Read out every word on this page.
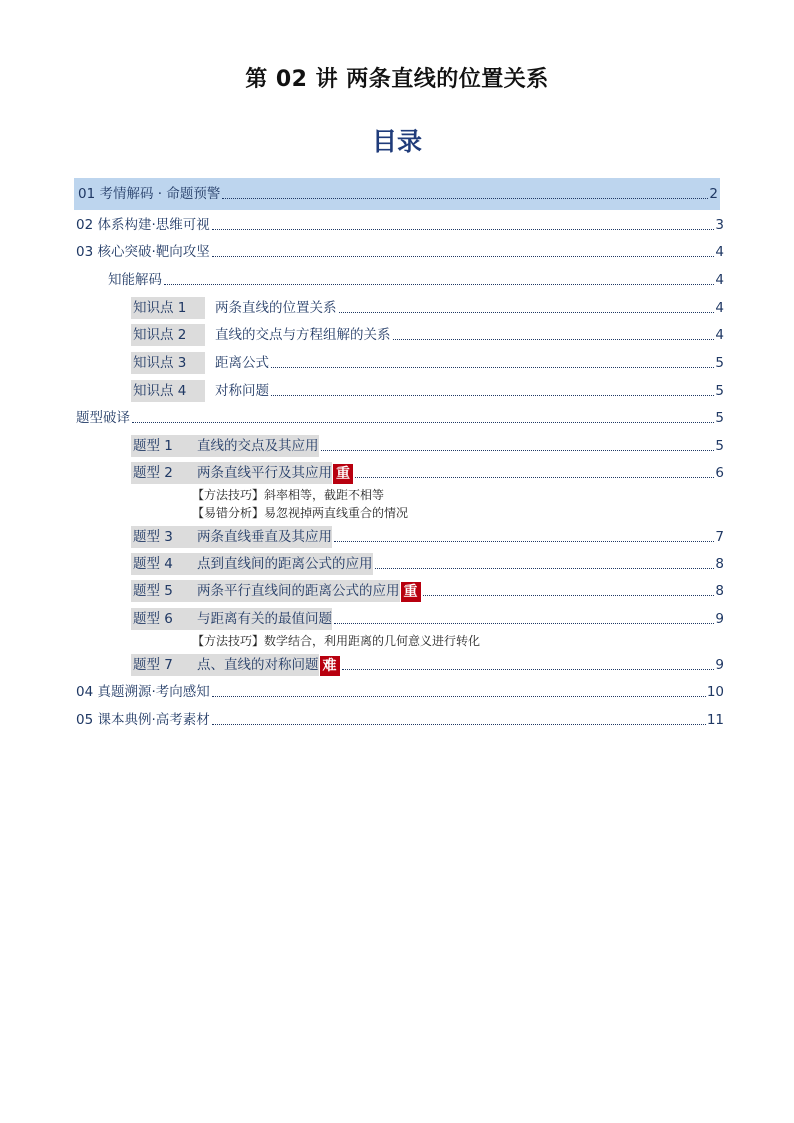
第 02 讲 两条直线的位置关系
目录
01 考情解码 · 命题预警	2
02 体系构建·思维可视	3
03 核心突破·靶向攻坚	4
知能解码	4
知识点 1	两条直线的位置关系	4
知识点 2	直线的交点与方程组解的关系	4
知识点 3	距离公式	5
知识点 4	对称问题	5
题型破译	5
题型 1	直线的交点及其应用	5
题型 2	两条直线平行及其应用 重	6
【方法技巧】斜率相等，截距不相等
【易错分析】易忽视掉两直线重合的情况
题型 3	两条直线垂直及其应用	7
题型 4	点到直线间的距离公式的应用	8
题型 5	两条平行直线间的距离公式的应用 重	8
题型 6	与距离有关的最值问题	9
【方法技巧】数学结合，利用距离的几何意义进行转化
题型 7	点、直线的对称问题 难	9
04 真题溯源·考向感知	10
05 课本典例·高考素材	11
